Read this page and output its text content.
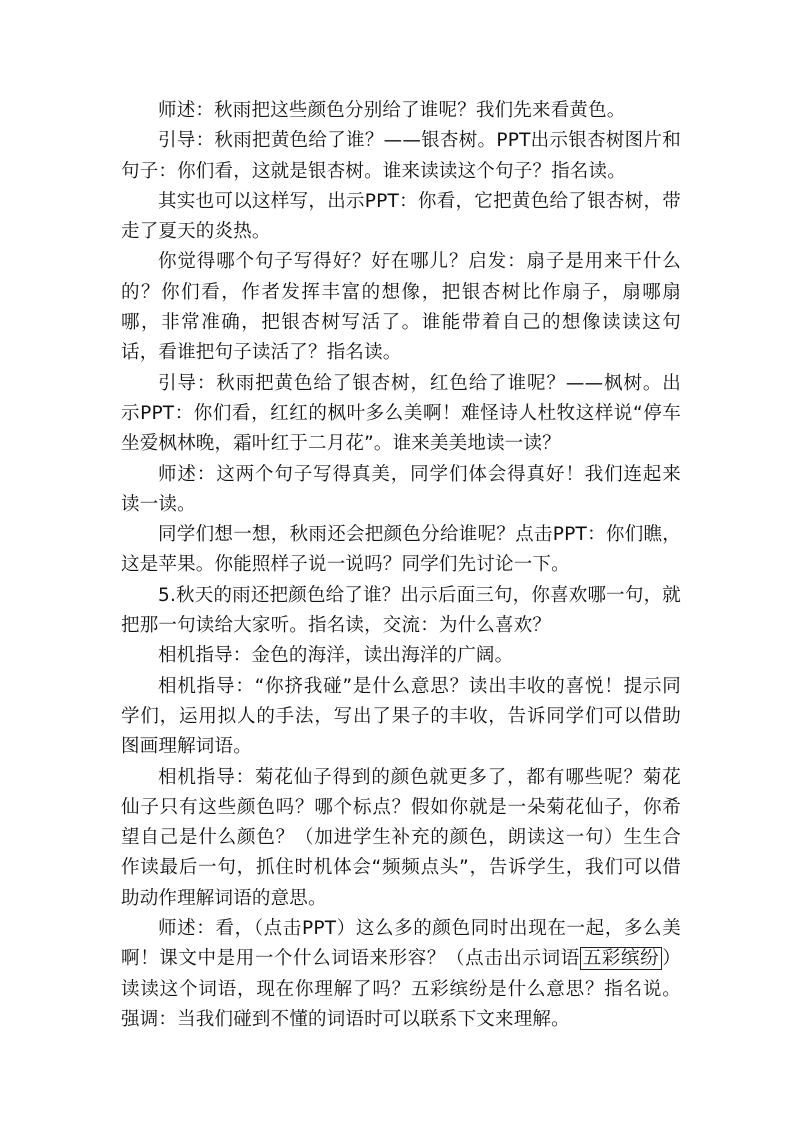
师述：秋雨把这些颜色分别给了谁呢？我们先来看黄色。

引导：秋雨把黄色给了谁？——银杏树。PPT出示银杏树图片和句子：你们看，这就是银杏树。谁来读读这个句子？指名读。

其实也可以这样写，出示PPT：你看，它把黄色给了银杏树，带走了夏天的炎热。

你觉得哪个句子写得好？好在哪儿？启发：扇子是用来干什么的？你们看，作者发挥丰富的想像，把银杏树比作扇子，扇哪扇哪，非常准确，把银杏树写活了。谁能带着自己的想像读读这句话，看谁把句子读活了？指名读。

引导：秋雨把黄色给了银杏树，红色给了谁呢？——枫树。出示PPT：你们看，红红的枫叶多么美啊！难怪诗人杜牧这样说“停车坐爱枫林晚，霜叶红于二月花”。谁来美美地读一读？

师述：这两个句子写得真美，同学们体会得真好！我们连起来读一读。

同学们想一想，秋雨还会把颜色分给谁呢？点击PPT：你们瞧，这是苹果。你能照样子说一说吗？同学们先讨论一下。

5.秋天的雨还把颜色给了谁？出示后面三句，你喜欢哪一句，就把那一句读给大家听。指名读，交流：为什么喜欢？

相机指导：金色的海洋，读出海洋的广阔。

相机指导：“你挤我碰”是什么意思？读出丰收的喜悦！提示同学们，运用拟人的手法，写出了果子的丰收，告诉同学们可以借助图画理解词语。

相机指导：菊花仙子得到的颜色就更多了，都有哪些呢？菊花仙子只有这些颜色吗？哪个标点？假如你就是一朵菊花仙子，你希望自己是什么颜色？（加进学生补充的颜色，朗读这一句）生生合作读最后一句，抓住时机体会“频频点头”，告诉学生，我们可以借助动作理解词语的意思。

师述：看，（点击PPT）这么多的颜色同时出现在一起，多么美啊！课文中是用一个什么词语来形容？（点击出示词语 五彩缤纷 ）读读这个词语，现在你理解了吗？五彩缤纷是什么意思？指名说。强调：当我们碰到不懂的词语时可以联系下文来理解。
